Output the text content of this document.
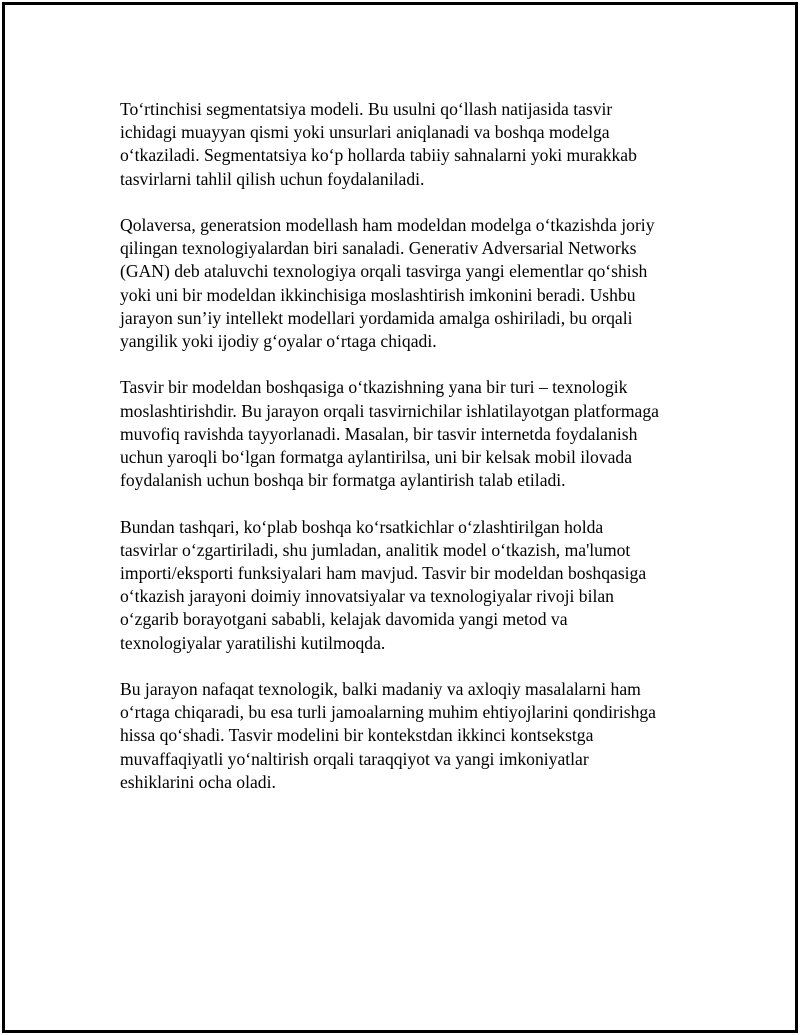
To‘rtinchisi segmentatsiya modeli. Bu usulni qo‘llash natijasida tasvir
ichidagi muayyan qismi yoki unsurlari aniqlanadi va boshqa modelga
o‘tkaziladi. Segmentatsiya ko‘p hollarda tabiiy sahnalarni yoki murakkab
tasvirlarni tahlil qilish uchun foydalaniladi.

Qolaversa, generatsion modellash ham modeldan modelga o‘tkazishda joriy
qilingan texnologiyalardan biri sanaladi. Generativ Adversarial Networks
(GAN) deb ataluvchi texnologiya orqali tasvirga yangi elementlar qo‘shish
yoki uni bir modeldan ikkinchisiga moslashtirish imkonini beradi. Ushbu
jarayon sun’iy intellekt modellari yordamida amalga oshiriladi, bu orqali
yangilik yoki ijodiy g‘oyalar o‘rtaga chiqadi.

Tasvir bir modeldan boshqasiga o‘tkazishning yana bir turi – texnologik
moslashtirishdir. Bu jarayon orqali tasvirnichilar ishlatilayotgan platformaga
muvofiq ravishda tayyorlanadi. Masalan, bir tasvir internetda foydalanish
uchun yaroqli bo‘lgan formatga aylantirilsa, uni bir kelsak mobil ilovada
foydalanish uchun boshqa bir formatga aylantirish talab etiladi.

Bundan tashqari, ko‘plab boshqa ko‘rsatkichlar o‘zlashtirilgan holda
tasvirlar o‘zgartiriladi, shu jumladan, analitik model o‘tkazish, ma'lumot
importi/eksporti funksiyalari ham mavjud. Tasvir bir modeldan boshqasiga
o‘tkazish jarayoni doimiy innovatsiyalar va texnologiyalar rivoji bilan
o‘zgarib borayotgani sababli, kelajak davomida yangi metod va
texnologiyalar yaratilishi kutilmoqda.

Bu jarayon nafaqat texnologik, balki madaniy va axloqiy masalalarni ham
o‘rtaga chiqaradi, bu esa turli jamoalarning muhim ehtiyojlarini qondirishga
hissa qo‘shadi. Tasvir modelini bir kontekstdan ikkinci kontsekstga
muvaffaqiyatli yo‘naltirish orqali taraqqiyot va yangi imkoniyatlar
eshiklarini ocha oladi.
